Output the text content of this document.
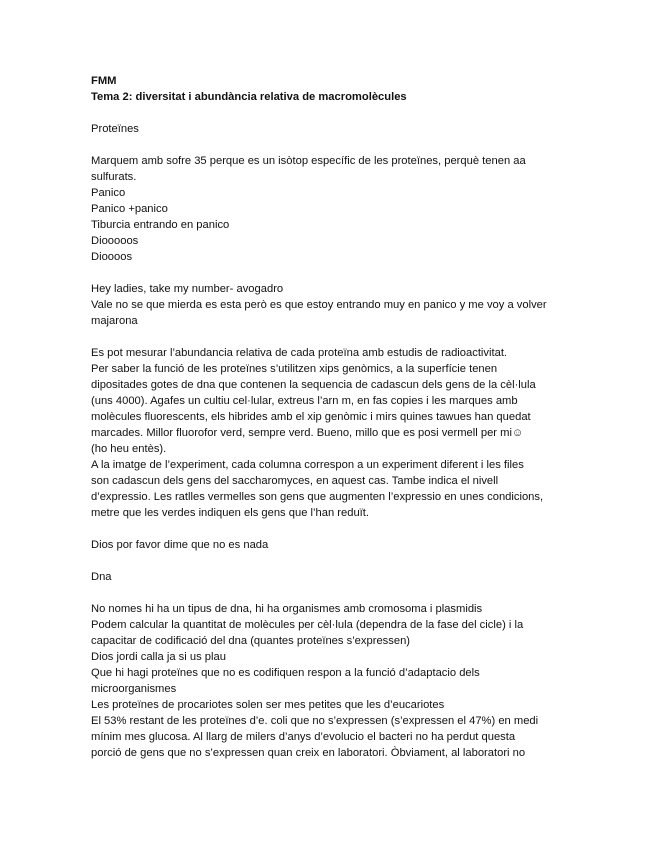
FMM
Tema 2: diversitat i abundància relativa de macromolècules
Proteïnes
Marquem amb sofre 35 perque es un isòtop específic de les proteïnes, perquè tenen aa
sulfurats.
Panico
Panico +panico
Tiburcia entrando en panico
Diooooos
Dioooos
Hey ladies, take my number- avogadro
Vale no se que mierda es esta però es que estoy entrando muy en panico y me voy a volver
majarona
Es pot mesurar l’abundancia relativa de cada proteïna amb estudis de radioactivitat.
Per saber la funció de les proteïnes s’utilitzen xips genòmics, a la superfície tenen
dipositades gotes de dna que contenen la sequencia de cadascun dels gens de la cèl·lula
(uns 4000). Agafes un cultiu cel·lular, extreus l’arn m, en fas copies i les marques amb
molècules fluorescents, els hibrides amb el xip genòmic i mirs quines tawues han quedat
marcades. Millor fluorofor verd, sempre verd. Bueno, millo que es posi vermell per mi☺
(ho heu entès).
A la imatge de l’experiment, cada columna correspon a un experiment diferent i les files
son cadascun dels gens del saccharomyces, en aquest cas. Tambe indica el nivell
d’expressio. Les ratlles vermelles son gens que augmenten l’expressio en unes condicions,
metre que les verdes indiquen els gens que l’han reduït.
Dios por favor dime que no es nada
Dna
No nomes hi ha un tipus de dna, hi ha organismes amb cromosoma i plasmidis
Podem calcular la quantitat de molècules per cèl·lula (dependra de la fase del cicle) i la
capacitar de codificació del dna (quantes proteïnes s’expressen)
Dios jordi calla ja si us plau
Que hi hagi proteïnes que no es codifiquen respon a la funció d’adaptacio dels
microorganismes
Les proteïnes de procariotes solen ser mes petites que les d’eucariotes
El 53% restant de les proteïnes d’e. coli que no s’expressen (s’expressen el 47%) en medi
mínim mes glucosa. Al llarg de milers d’anys d’evolucio el bacteri no ha perdut questa
porció de gens que no s’expressen quan creix en laboratori. Òbviament, al laboratori no
